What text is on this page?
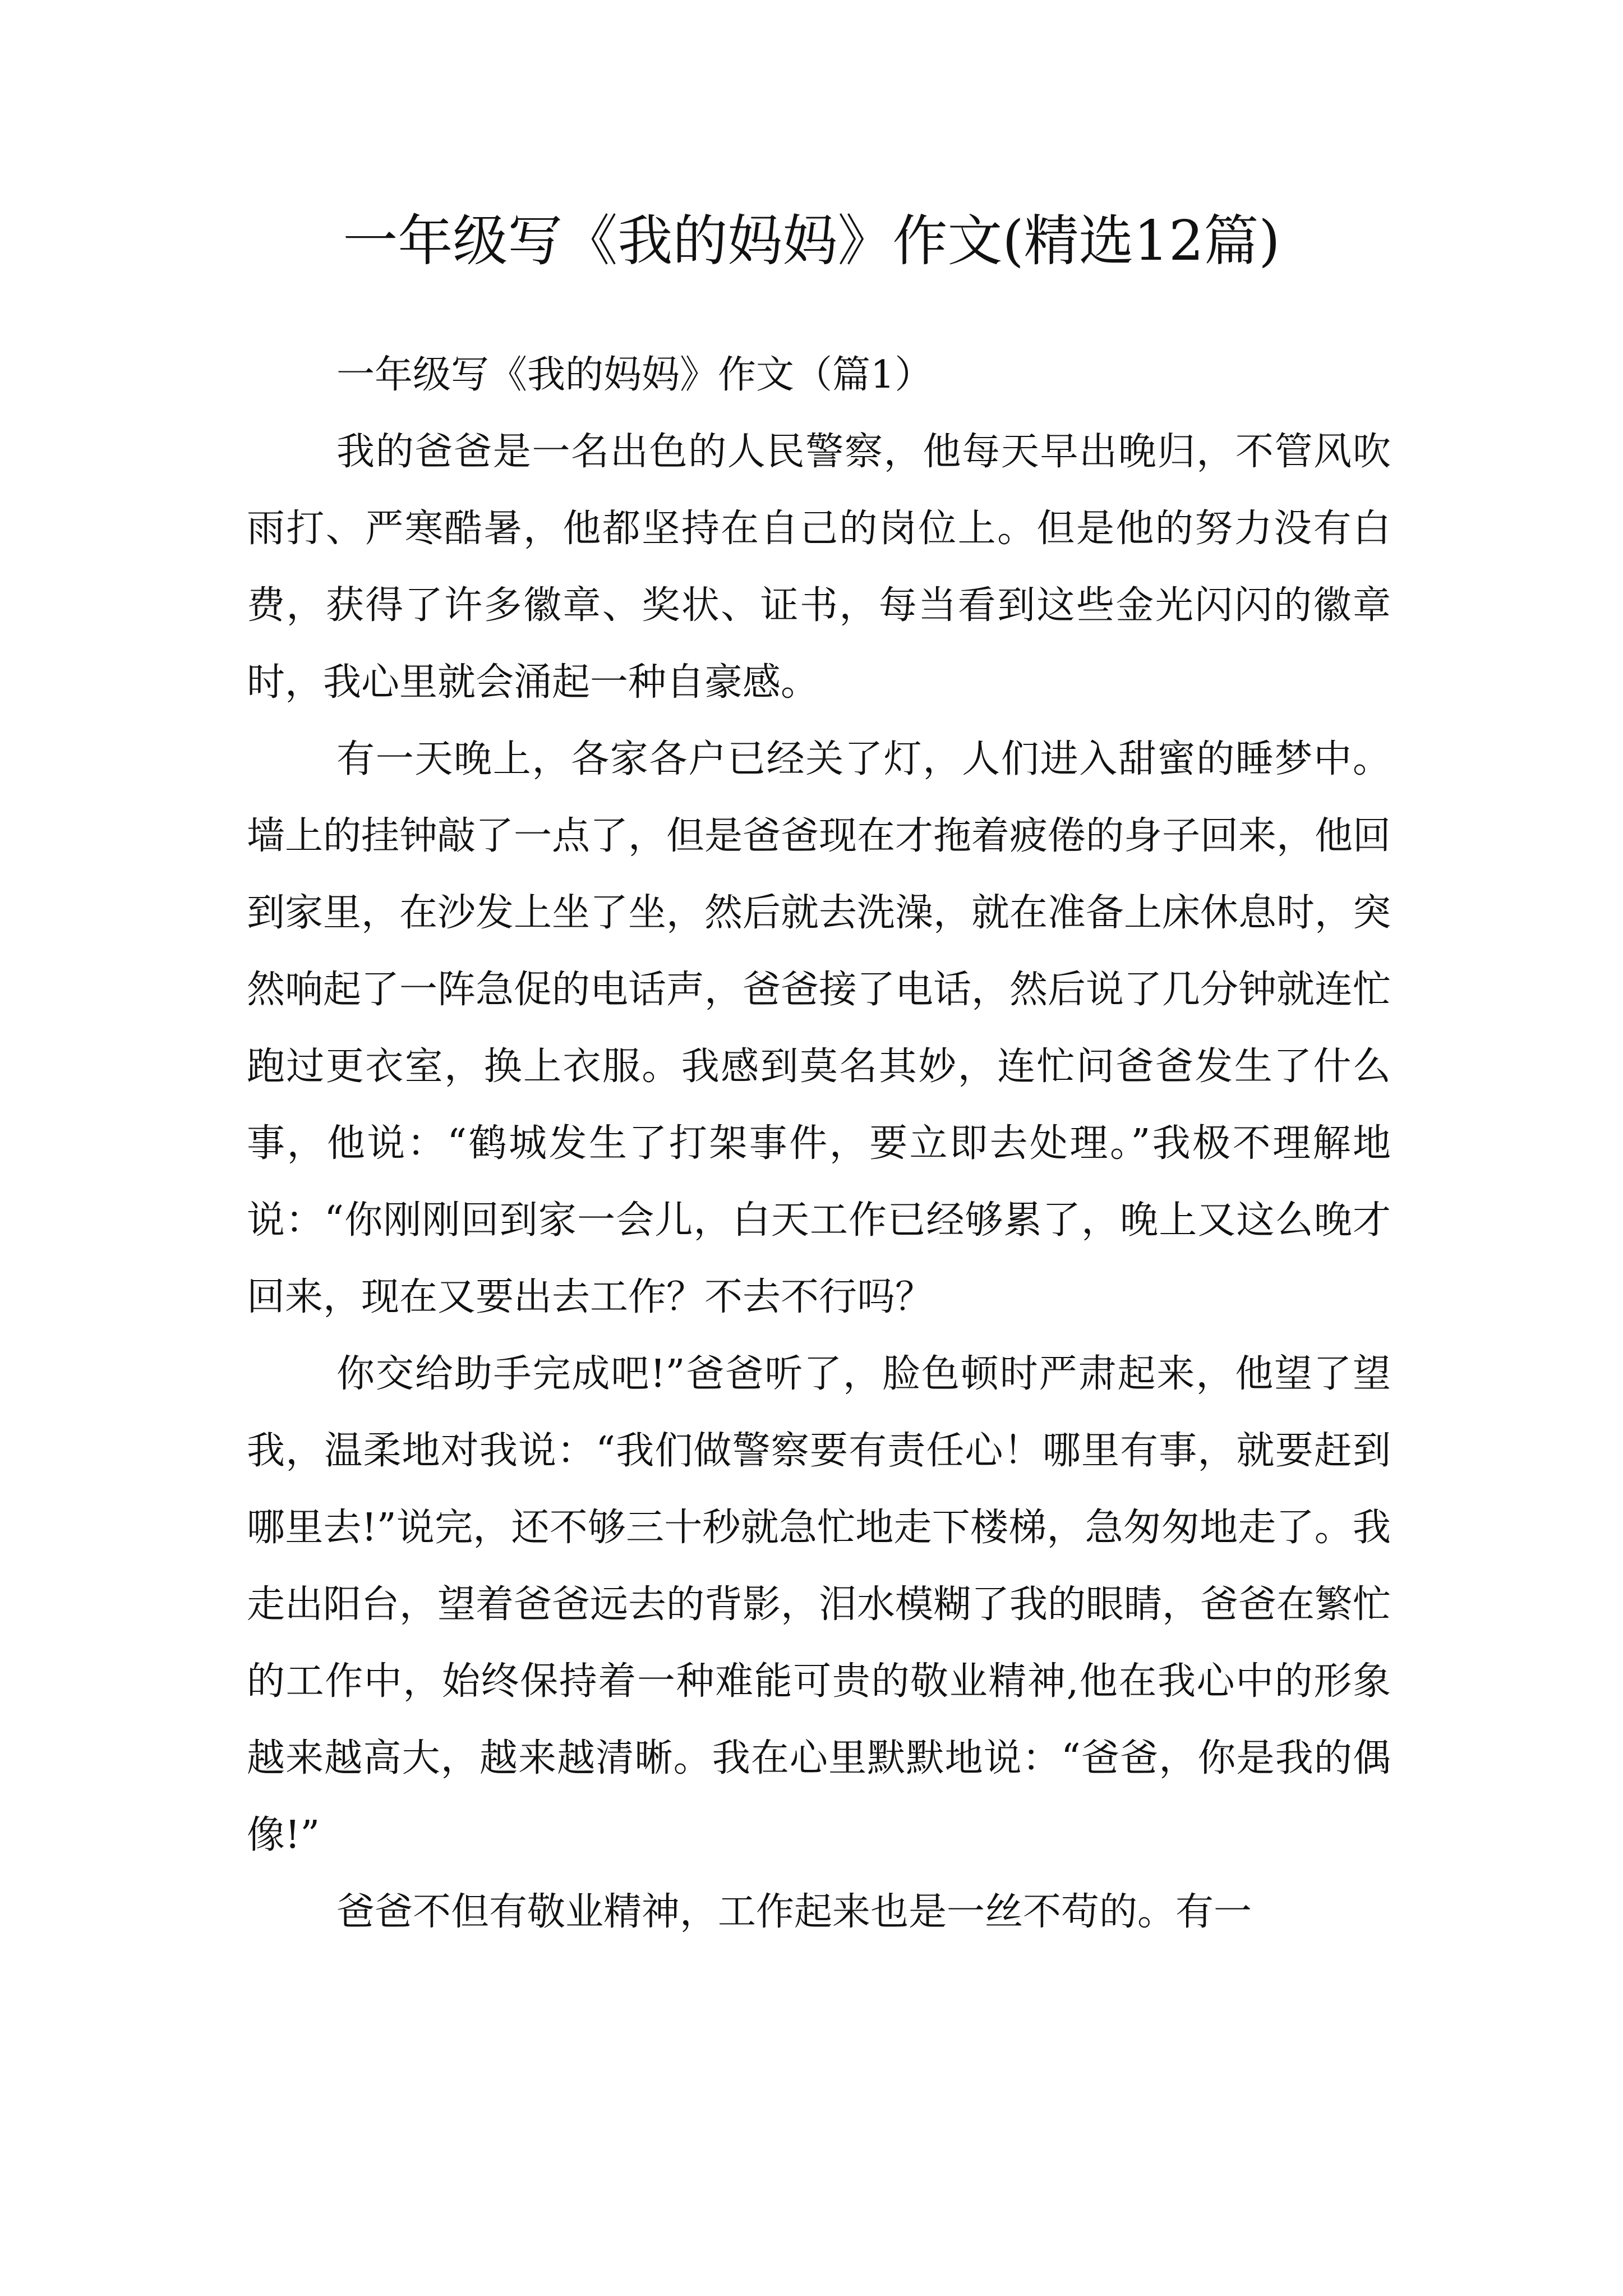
一年级写《我的妈妈》作文(精选12篇)

一年级写《我的妈妈》作文（篇1）

我的爸爸是一名出色的人民警察，他每天早出晚归，不管风吹雨打、严寒酷暑，他都坚持在自己的岗位上。但是他的努力没有白费，获得了许多徽章、奖状、证书，每当看到这些金光闪闪的徽章时，我心里就会涌起一种自豪感。

有一天晚上，各家各户已经关了灯，人们进入甜蜜的睡梦中。墙上的挂钟敲了一点了，但是爸爸现在才拖着疲倦的身子回来，他回到家里，在沙发上坐了坐，然后就去洗澡，就在准备上床休息时，突然响起了一阵急促的电话声，爸爸接了电话，然后说了几分钟就连忙跑过更衣室，换上衣服。我感到莫名其妙，连忙问爸爸发生了什么事，他说：“鹤城发生了打架事件，要立即去处理。”我极不理解地说：“你刚刚回到家一会儿，白天工作已经够累了，晚上又这么晚才回来，现在又要出去工作？不去不行吗？

你交给助手完成吧!”爸爸听了，脸色顿时严肃起来，他望了望我，温柔地对我说：“我们做警察要有责任心！哪里有事，就要赶到哪里去!”说完，还不够三十秒就急忙地走下楼梯，急匆匆地走了。我走出阳台，望着爸爸远去的背影，泪水模糊了我的眼睛，爸爸在繁忙的工作中，始终保持着一种难能可贵的敬业精神,他在我心中的形象越来越高大，越来越清晰。我在心里默默地说：“爸爸，你是我的偶像!”

爸爸不但有敬业精神，工作起来也是一丝不苟的。有一
